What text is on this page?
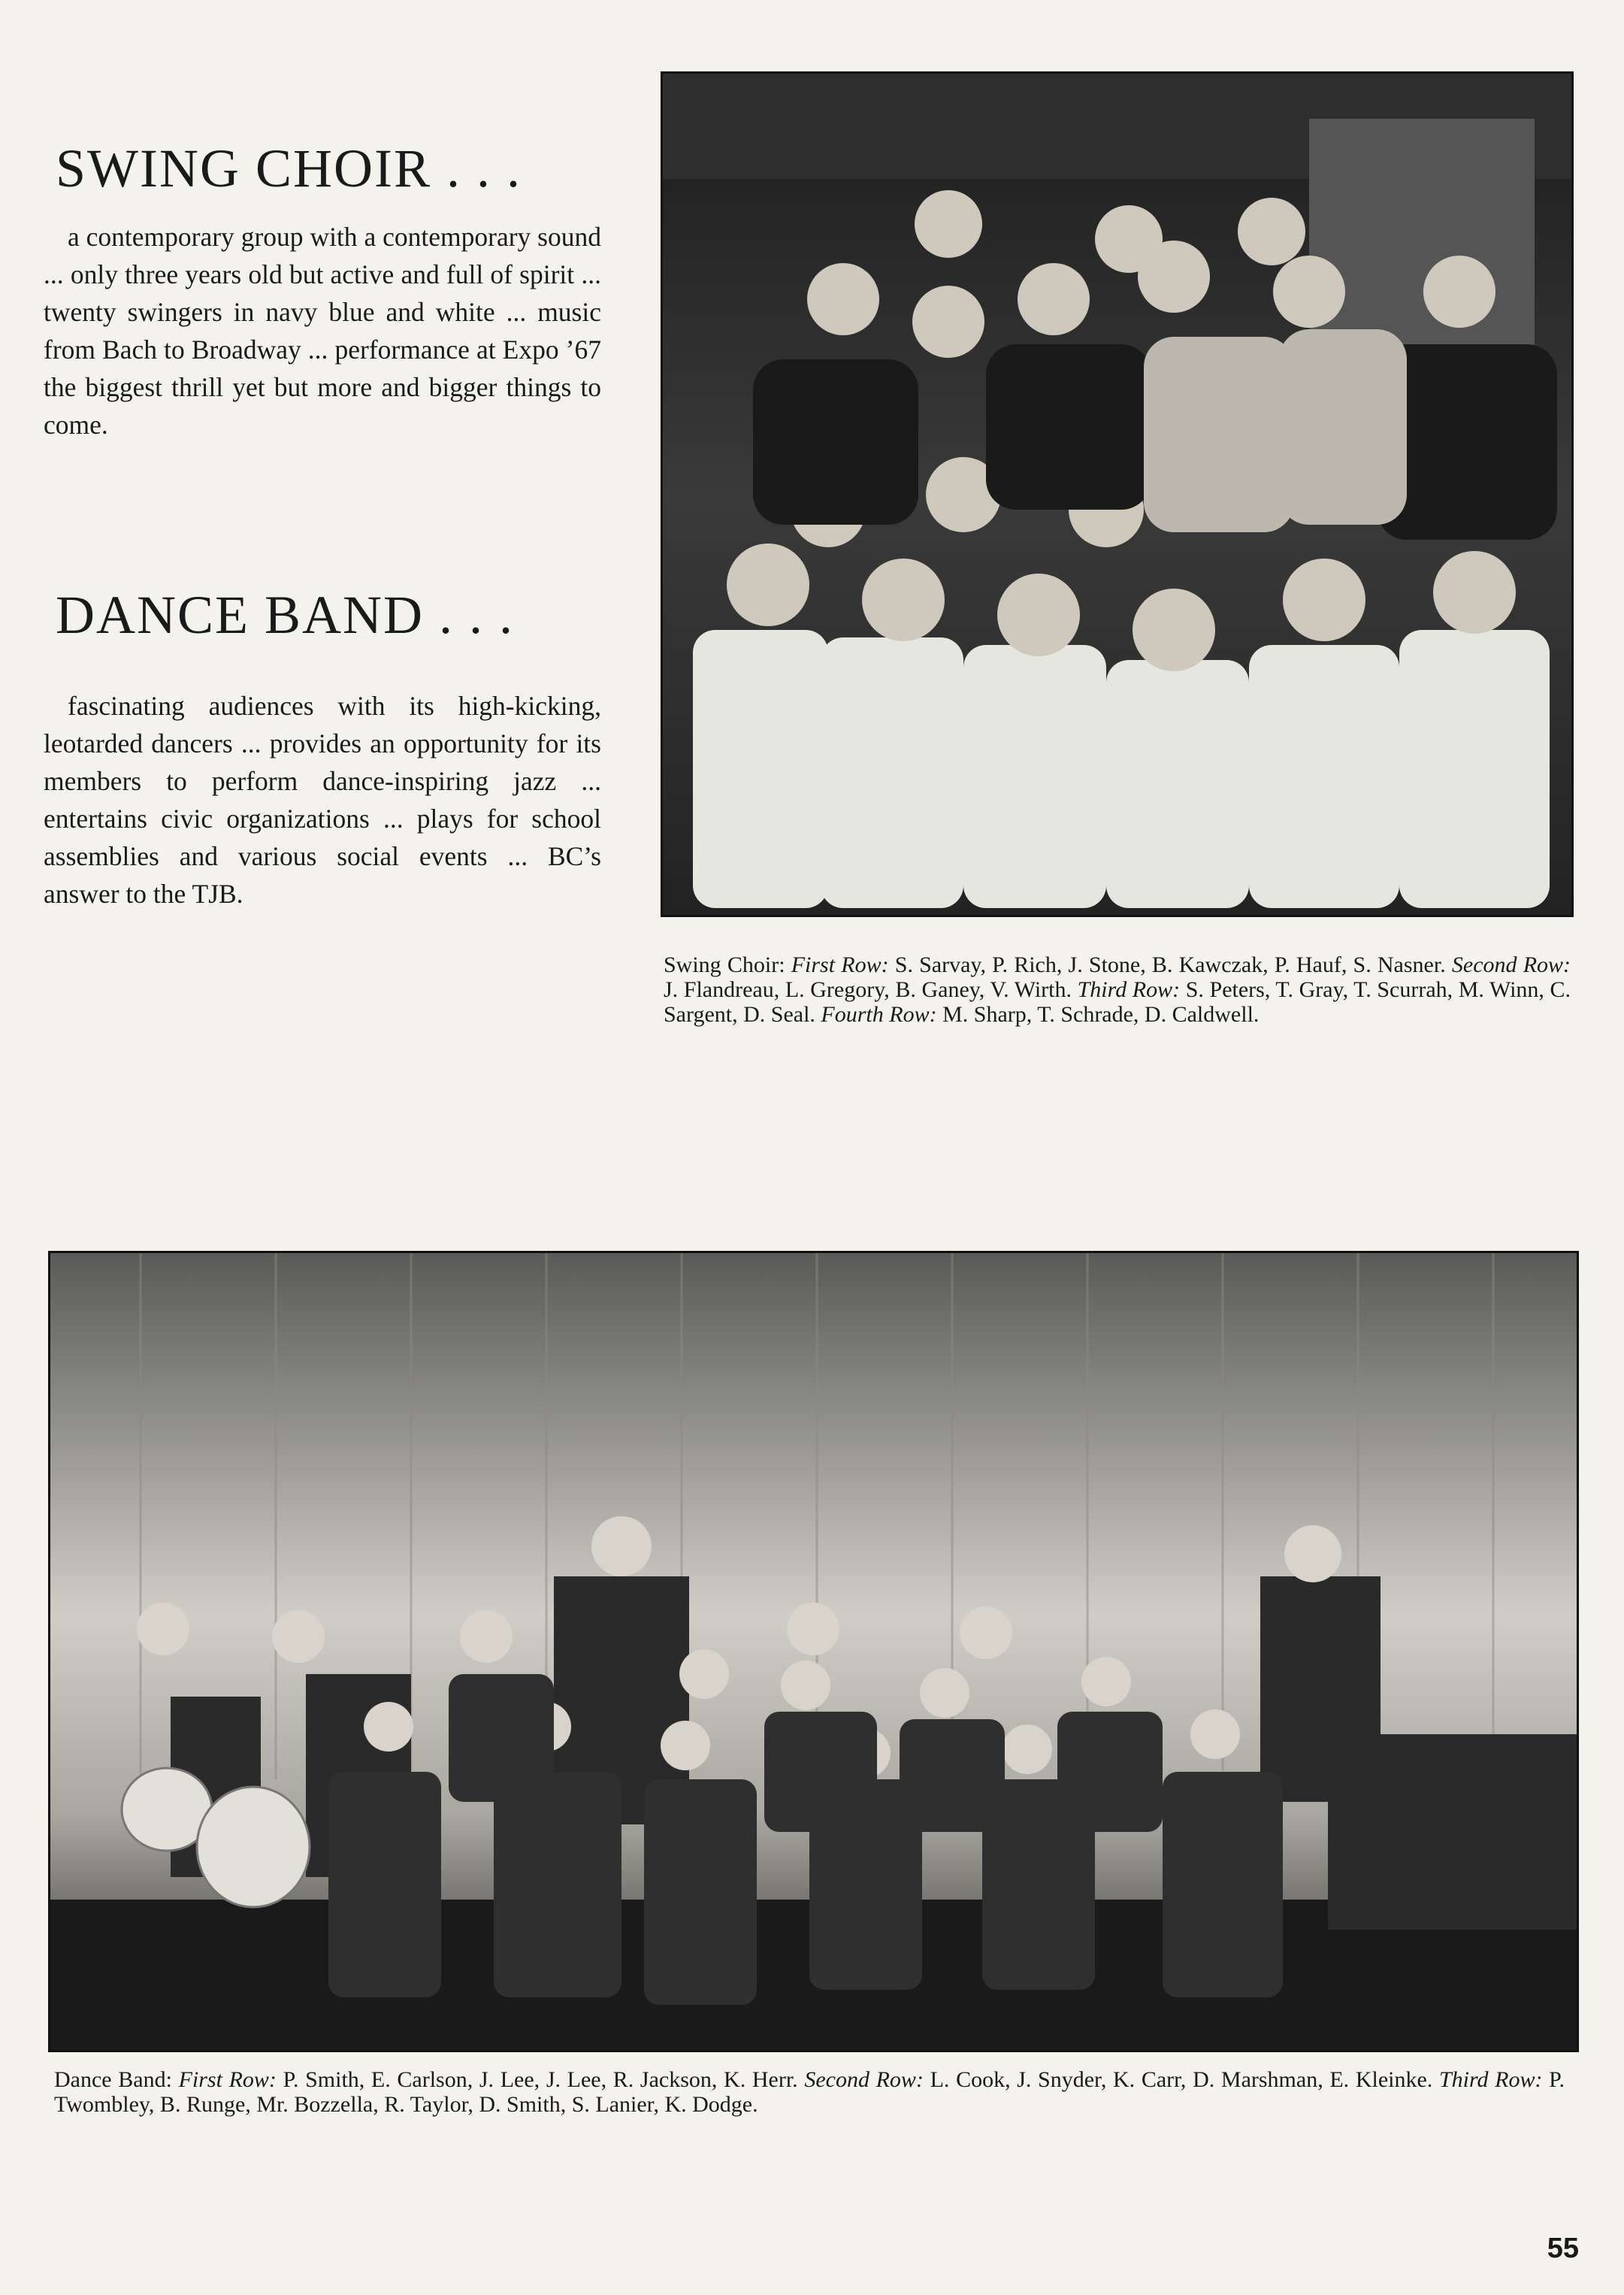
SWING CHOIR . . .

a contemporary group with a contemporary sound ... only three years old but active and full of spirit ... twenty swingers in navy blue and white ... music from Bach to Broadway ... performance at Expo ’67 the biggest thrill yet but more and bigger things to come.

DANCE BAND . . .

fascinating audiences with its high-kicking, leotarded dancers ... provides an opportunity for its members to perform dance-inspiring jazz ... entertains civic organizations ... plays for school assemblies and various social events ... BC’s answer to the TJB.

Swing Choir: First Row: S. Sarvay, P. Rich, J. Stone, B. Kawczak, P. Hauf, S. Nasner. Second Row: J. Flandreau, L. Gregory, B. Ganey, V. Wirth. Third Row: S. Peters, T. Gray, T. Scurrah, M. Winn, C. Sargent, D. Seal. Fourth Row: M. Sharp, T. Schrade, D. Caldwell.

Dance Band: First Row: P. Smith, E. Carlson, J. Lee, J. Lee, R. Jackson, K. Herr. Second Row: L. Cook, J. Snyder, K. Carr, D. Marshman, E. Kleinke. Third Row: P. Twombley, B. Runge, Mr. Bozzella, R. Taylor, D. Smith, S. Lanier, K. Dodge.

55
